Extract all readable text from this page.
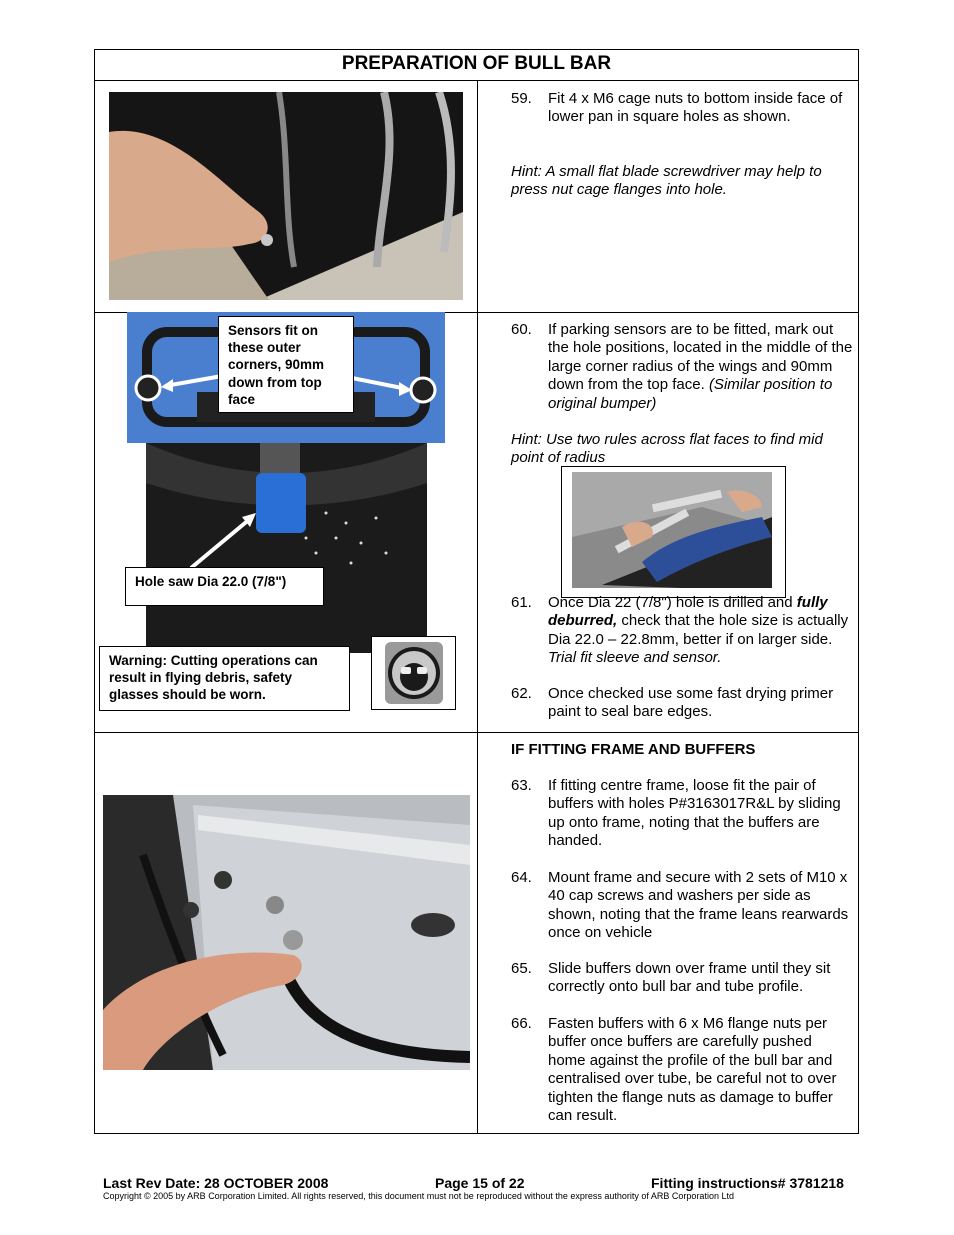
PREPARATION OF BULL BAR
59. Fit 4 x M6 cage nuts to bottom inside face of lower pan in square holes as shown.
Hint: A small flat blade screwdriver may help to press nut cage flanges into hole.
Sensors fit on these outer corners, 90mm down from top face
Hole saw Dia 22.0 (7/8")
Warning: Cutting operations can result in flying debris, safety glasses should be worn.
60. If parking sensors are to be fitted, mark out the hole positions, located in the middle of the large corner radius of the wings and 90mm down from the top face. (Similar position to original bumper)
Hint: Use two rules across flat faces to find mid point of radius
61. Once Dia 22 (7/8") hole is drilled and fully deburred, check that the hole size is actually Dia 22.0 – 22.8mm, better if on larger side. Trial fit sleeve and sensor.
62. Once checked use some fast drying primer paint to seal bare edges.
IF FITTING FRAME AND BUFFERS
63. If fitting centre frame, loose fit the pair of buffers with holes P#3163017R&L by sliding up onto frame, noting that the buffers are handed.
64. Mount frame and secure with 2 sets of M10 x 40 cap screws and washers per side as shown, noting that the frame leans rearwards once on vehicle
65. Slide buffers down over frame until they sit correctly onto bull bar and tube profile.
66. Fasten buffers with 6 x M6 flange nuts per buffer once buffers are carefully pushed home against the profile of the bull bar and centralised over tube, be careful not to over tighten the flange nuts as damage to buffer can result.
Last Rev Date: 28 OCTOBER 2008	Page 15 of 22	Fitting instructions# 3781218
Copyright © 2005 by ARB Corporation Limited. All rights reserved, this document must not be reproduced without the express authority of ARB Corporation Ltd
